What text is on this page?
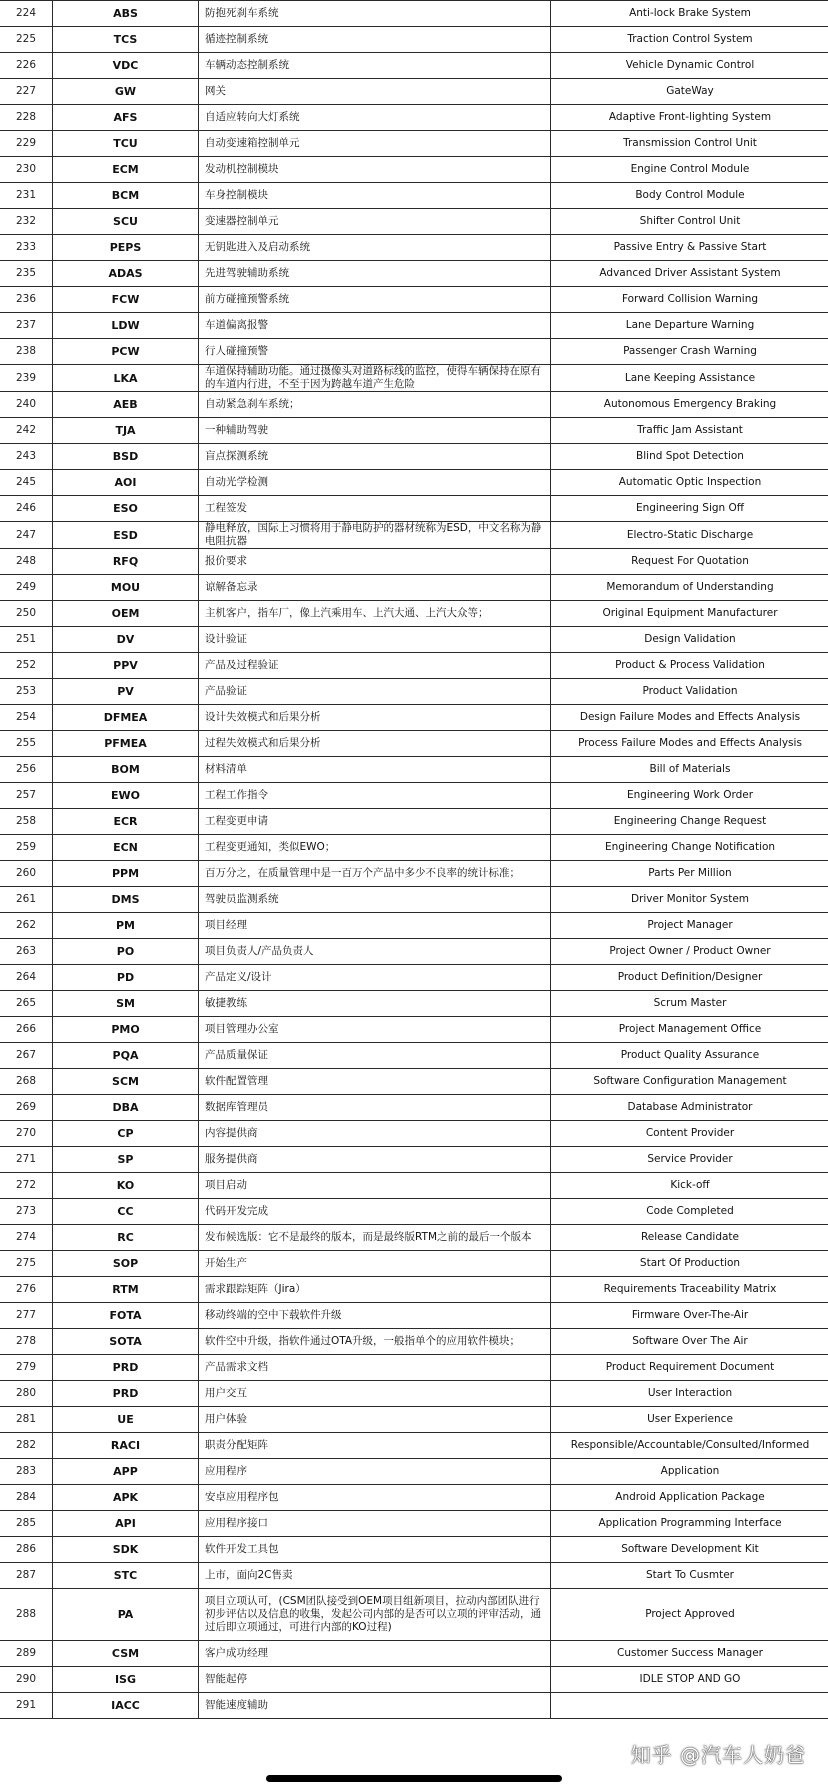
224	ABS	防抱死刹车系统	Anti-lock Brake System
225	TCS	循迹控制系统	Traction Control System
226	VDC	车辆动态控制系统	Vehicle Dynamic Control
227	GW	网关	GateWay
228	AFS	自适应转向大灯系统	Adaptive Front-lighting System
229	TCU	自动变速箱控制单元	Transmission Control Unit
230	ECM	发动机控制模块	Engine Control Module
231	BCM	车身控制模块	Body Control Module
232	SCU	变速器控制单元	Shifter Control Unit
233	PEPS	无钥匙进入及启动系统	Passive Entry & Passive Start
235	ADAS	先进驾驶辅助系统	Advanced Driver Assistant System
236	FCW	前方碰撞预警系统	Forward Collision Warning
237	LDW	车道偏离报警	Lane Departure Warning
238	PCW	行人碰撞预警	Passenger Crash Warning
239	LKA	车道保持辅助功能。通过摄像头对道路标线的监控，使得车辆保持在原有的车道内行进，不至于因为跨越车道产生危险	Lane Keeping Assistance
240	AEB	自动紧急刹车系统；	Autonomous Emergency Braking
242	TJA	一种辅助驾驶	Traffic Jam Assistant
243	BSD	盲点探测系统	Blind Spot Detection
245	AOI	自动光学检测	Automatic Optic Inspection
246	ESO	工程签发	Engineering Sign Off
247	ESD	静电释放，国际上习惯将用于静电防护的器材统称为ESD，中文名称为静电阻抗器	Electro-Static Discharge
248	RFQ	报价要求	Request For Quotation
249	MOU	谅解备忘录	Memorandum of Understanding
250	OEM	主机客户，指车厂，像上汽乘用车、上汽大通、上汽大众等；	Original Equipment Manufacturer
251	DV	设计验证	Design Validation
252	PPV	产品及过程验证	Product & Process Validation
253	PV	产品验证	Product Validation
254	DFMEA	设计失效模式和后果分析	Design Failure Modes and Effects Analysis
255	PFMEA	过程失效模式和后果分析	Process Failure Modes and Effects Analysis
256	BOM	材料清单	Bill of Materials
257	EWO	工程工作指令	Engineering Work Order
258	ECR	工程变更申请	Engineering Change Request
259	ECN	工程变更通知，类似EWO；	Engineering Change Notification
260	PPM	百万分之，在质量管理中是一百万个产品中多少不良率的统计标准；	Parts Per Million
261	DMS	驾驶员监测系统	Driver Monitor System
262	PM	项目经理	Project Manager
263	PO	项目负责人/产品负责人	Project Owner / Product Owner
264	PD	产品定义/设计	Product Definition/Designer
265	SM	敏捷教练	Scrum Master
266	PMO	项目管理办公室	Project Management Office
267	PQA	产品质量保证	Product Quality Assurance
268	SCM	软件配置管理	Software Configuration Management
269	DBA	数据库管理员	Database Administrator
270	CP	内容提供商	Content Provider
271	SP	服务提供商	Service Provider
272	KO	项目启动	Kick-off
273	CC	代码开发完成	Code Completed
274	RC	发布候选版：它不是最终的版本，而是最终版RTM之前的最后一个版本	Release Candidate
275	SOP	开始生产	Start Of Production
276	RTM	需求跟踪矩阵（Jira）	Requirements Traceability Matrix
277	FOTA	移动终端的空中下载软件升级	Firmware Over-The-Air
278	SOTA	软件空中升级，指软件通过OTA升级，一般指单个的应用软件模块；	Software Over The Air
279	PRD	产品需求文档	Product Requirement Document
280	PRD	用户交互	User Interaction
281	UE	用户体验	User Experience
282	RACI	职责分配矩阵	Responsible/Accountable/Consulted/Informed
283	APP	应用程序	Application
284	APK	安卓应用程序包	Android Application Package
285	API	应用程序接口	Application Programming Interface
286	SDK	软件开发工具包	Software Development Kit
287	STC	上市，面向2C售卖	Start To Cusmter
288	PA	项目立项认可，(CSM团队接受到OEM项目组新项目，拉动内部团队进行初步评估以及信息的收集，发起公司内部的是否可以立项的评审活动，通过后即立项通过，可进行内部的KO过程)	Project Approved
289	CSM	客户成功经理	Customer Success Manager
290	ISG	智能起停	IDLE STOP AND GO
291	IACC	智能速度辅助	
知乎 @汽车人奶爸
